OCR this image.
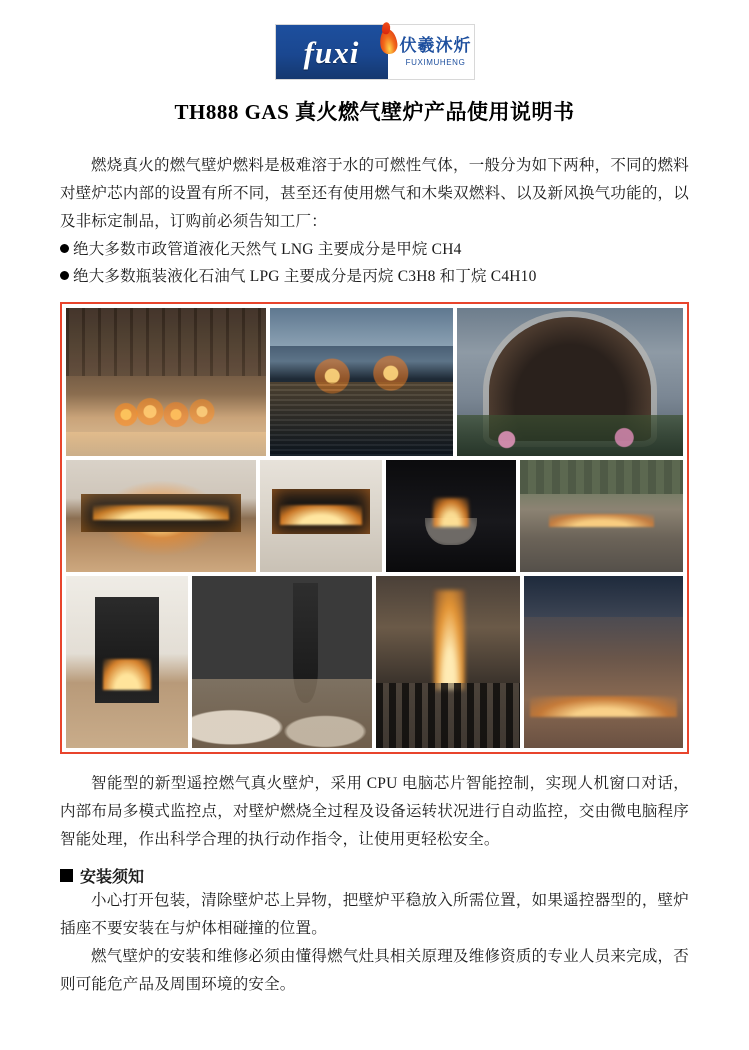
fuxi 伏羲沐炘
FUXIMUHENG
TH888 GAS 真火燃气壁炉产品使用说明书

燃烧真火的燃气壁炉燃料是极难溶于水的可燃性气体，一般分为如下两种，不同的燃料对壁炉芯内部的设置有所不同，甚至还有使用燃气和木柴双燃料、以及新风换气功能的，以及非标定制品，订购前必须告知工厂：

绝大多数市政管道液化天然气 LNG 主要成分是甲烷 CH4
绝大多数瓶装液化石油气 LPG 主要成分是丙烷 C3H8 和丁烷 C4H10

智能型的新型遥控燃气真火壁炉，采用 CPU 电脑芯片智能控制，实现人机窗口对话，内部布局多模式监控点，对壁炉燃烧全过程及设备运转状况进行自动监控，交由微电脑程序智能处理，作出科学合理的执行动作指令，让使用更轻松安全。

安装须知

小心打开包装，清除壁炉芯上异物，把壁炉平稳放入所需位置，如果遥控器型的，壁炉插座不要安装在与炉体相碰撞的位置。

燃气壁炉的安装和维修必须由懂得燃气灶具相关原理及维修资质的专业人员来完成，否则可能危产品及周围环境的安全。
